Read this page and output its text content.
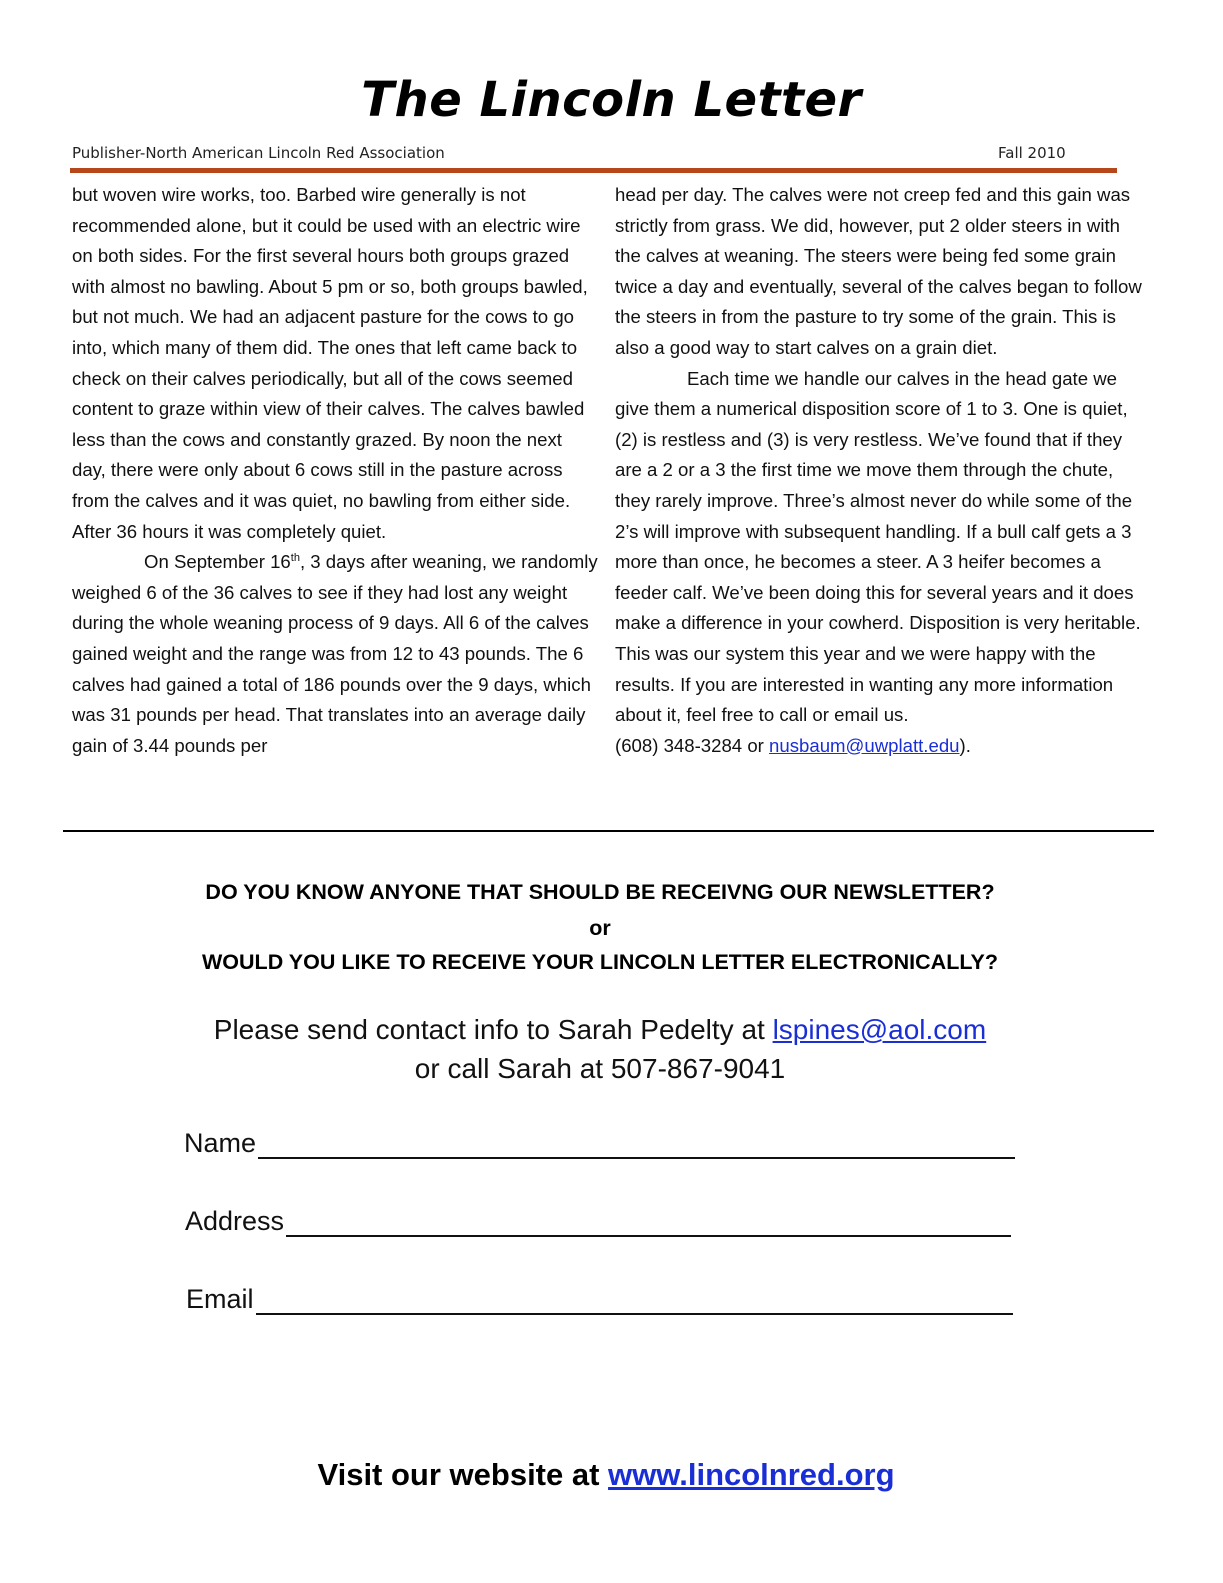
The Lincoln Letter
Publisher-North American Lincoln Red Association	Fall 2010

but woven wire works, too. Barbed wire generally is not recommended alone, but it could be used with an electric wire on both sides. For the first several hours both groups grazed with almost no bawling. About 5 pm or so, both groups bawled, but not much. We had an adjacent pasture for the cows to go into, which many of them did. The ones that left came back to check on their calves periodically, but all of the cows seemed content to graze within view of their calves. The calves bawled less than the cows and constantly grazed. By noon the next day, there were only about 6 cows still in the pasture across from the calves and it was quiet, no bawling from either side. After 36 hours it was completely quiet.

On September 16th, 3 days after weaning, we randomly weighed 6 of the 36 calves to see if they had lost any weight during the whole weaning process of 9 days. All 6 of the calves gained weight and the range was from 12 to 43 pounds. The 6 calves had gained a total of 186 pounds over the 9 days, which was 31 pounds per head. That translates into an average daily gain of 3.44 pounds per

head per day. The calves were not creep fed and this gain was strictly from grass. We did, however, put 2 older steers in with the calves at weaning. The steers were being fed some grain twice a day and eventually, several of the calves began to follow the steers in from the pasture to try some of the grain. This is also a good way to start calves on a grain diet.

Each time we handle our calves in the head gate we give them a numerical disposition score of 1 to 3. One is quiet, (2) is restless and (3) is very restless. We’ve found that if they are a 2 or a 3 the first time we move them through the chute, they rarely improve. Three’s almost never do while some of the 2’s will improve with subsequent handling. If a bull calf gets a 3 more than once, he becomes a steer. A 3 heifer becomes a feeder calf. We’ve been doing this for several years and it does make a difference in your cowherd. Disposition is very heritable. This was our system this year and we were happy with the results. If you are interested in wanting any more information about it, feel free to call or email us.

(608) 348-3284 or nusbaum@uwplatt.edu).

DO YOU KNOW ANYONE THAT SHOULD BE RECEIVNG OUR NEWSLETTER?
or
WOULD YOU LIKE TO RECEIVE YOUR LINCOLN LETTER ELECTRONICALLY?
Please send contact info to Sarah Pedelty at lspines@aol.com
or call Sarah at 507-867-9041
Name
Address
Email
Visit our website at www.lincolnred.org
